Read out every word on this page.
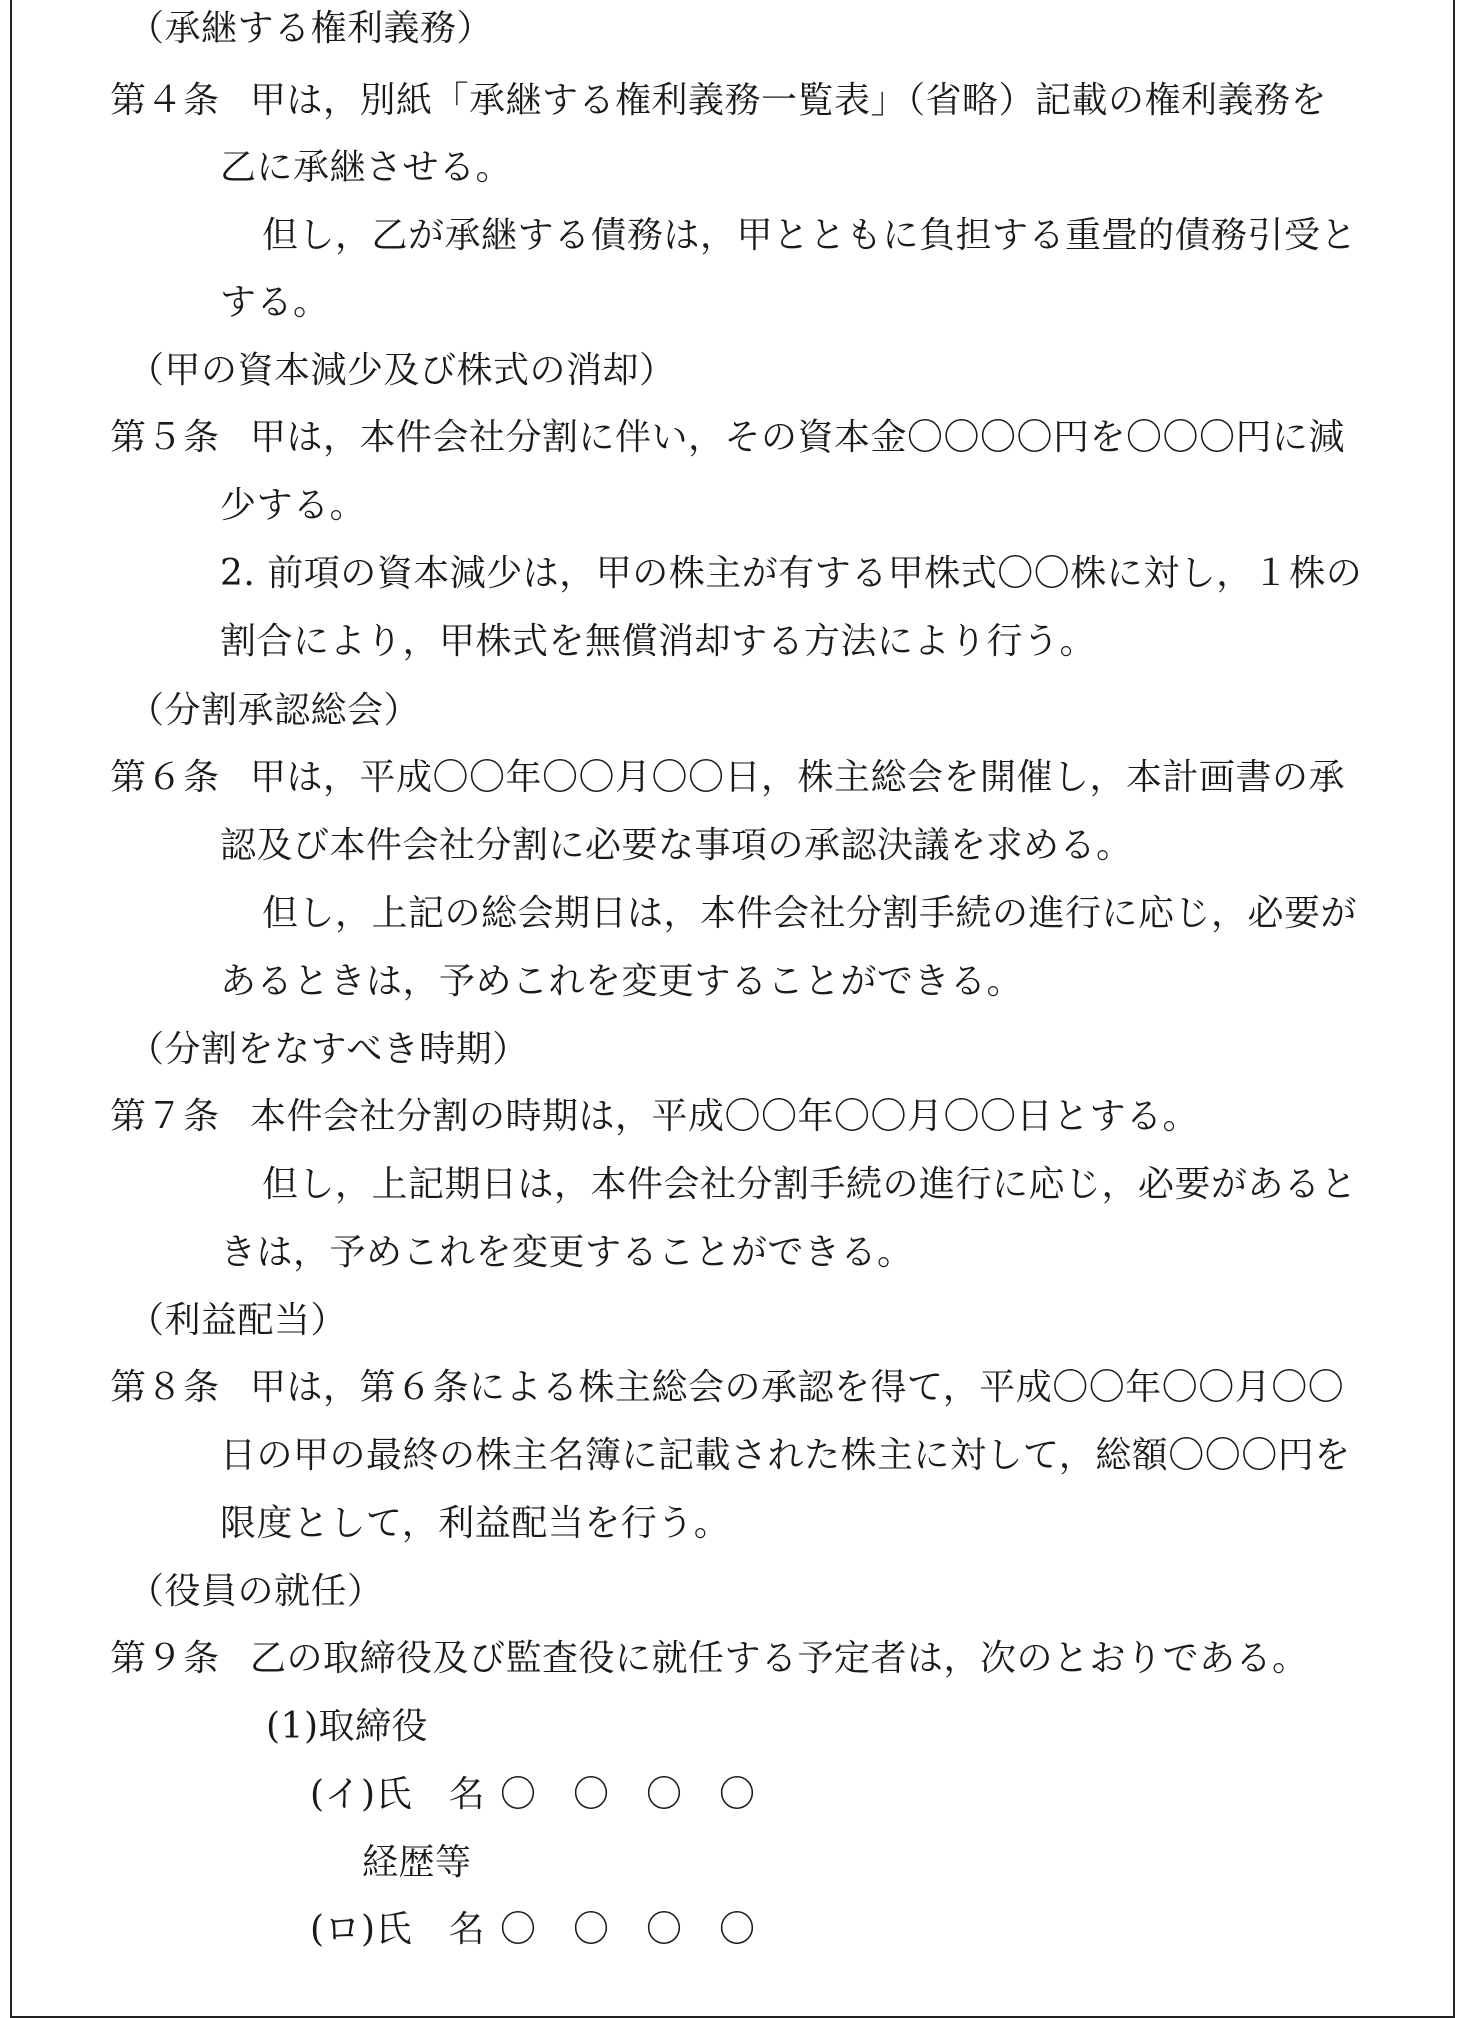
（承継する権利義務）
第４条 甲は，別紙「承継する権利義務一覧表」（省略）記載の権利義務を
乙に承継させる。
但し，乙が承継する債務は，甲とともに負担する重畳的債務引受と
する。
（甲の資本減少及び株式の消却）
第５条 甲は，本件会社分割に伴い，その資本金〇〇〇〇円を〇〇〇円に減
少する。
2. 前項の資本減少は，甲の株主が有する甲株式〇〇株に対し，１株の
割合により，甲株式を無償消却する方法により行う。
（分割承認総会）
第６条 甲は，平成〇〇年〇〇月〇〇日，株主総会を開催し，本計画書の承
認及び本件会社分割に必要な事項の承認決議を求める。
但し，上記の総会期日は，本件会社分割手続の進行に応じ，必要が
あるときは，予めこれを変更することができる。
（分割をなすべき時期）
第７条 本件会社分割の時期は，平成〇〇年〇〇月〇〇日とする。
但し，上記期日は，本件会社分割手続の進行に応じ，必要があると
きは，予めこれを変更することができる。
（利益配当）
第８条 甲は，第６条による株主総会の承認を得て，平成〇〇年〇〇月〇〇
日の甲の最終の株主名簿に記載された株主に対して，総額〇〇〇円を
限度として，利益配当を行う。
（役員の就任）
第９条 乙の取締役及び監査役に就任する予定者は，次のとおりである。
(1)取締役
(イ)氏　名 〇　〇　〇　〇
経歴等
(ロ)氏　名 〇　〇　〇　〇
